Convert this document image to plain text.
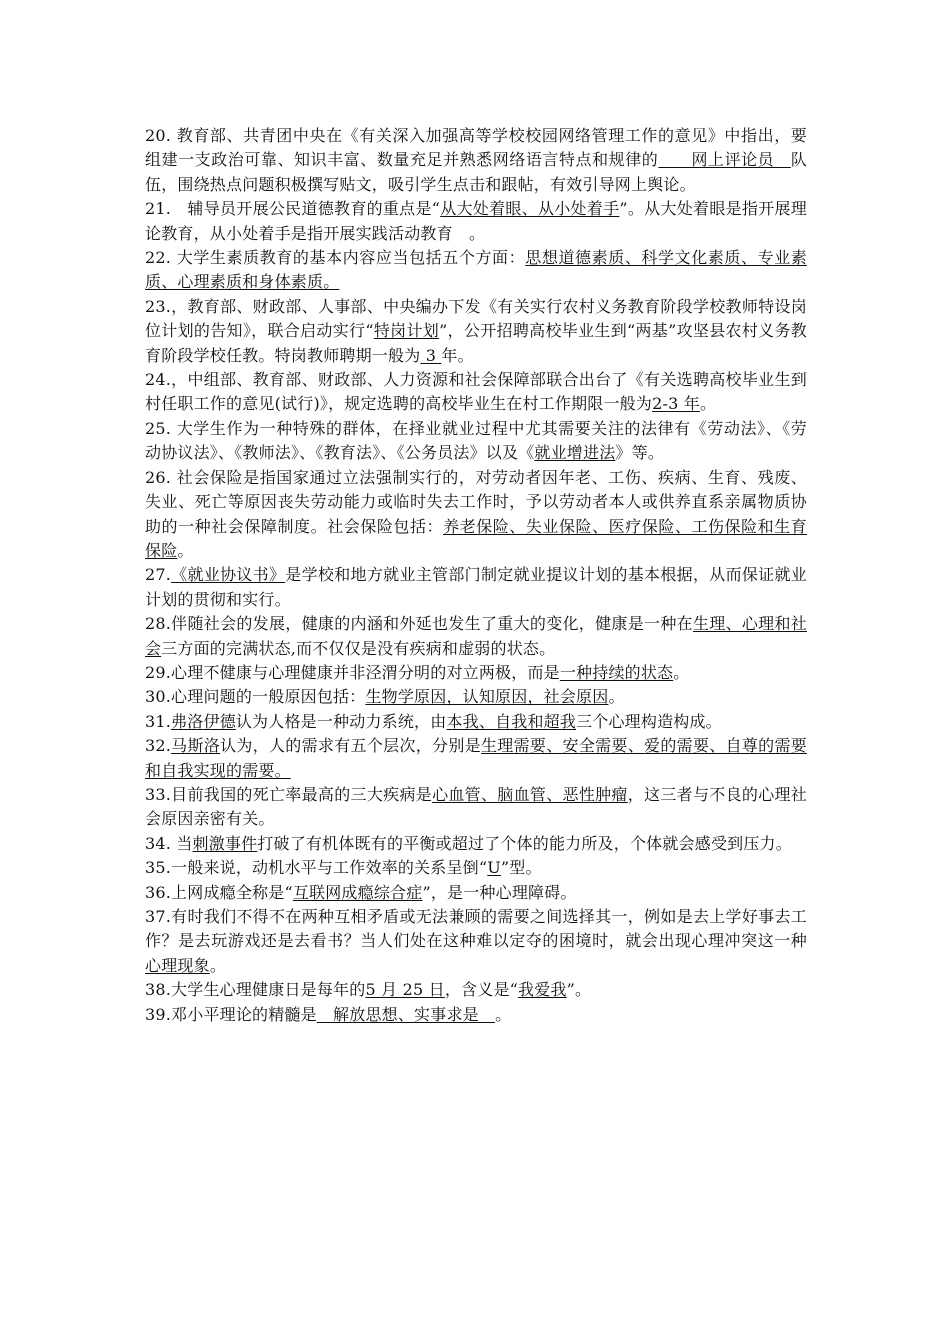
20. 教育部、共青团中央在《有关深入加强高等学校校园网络管理工作的意见》中指出，要组建一支政治可靠、知识丰富、数量充足并熟悉网络语言特点和规律的　　网上评论员　队伍，围绕热点问题积极撰写贴文，吸引学生点击和跟帖，有效引导网上舆论。

21.　辅导员开展公民道德教育的重点是“从大处着眼、从小处着手”。从大处着眼是指开展理论教育，从小处着手是指开展实践活动教育　。

22. 大学生素质教育的基本内容应当包括五个方面：思想道德素质、科学文化素质、专业素质、心理素质和身体素质。

23.，教育部、财政部、人事部、中央编办下发《有关实行农村义务教育阶段学校教师特设岗位计划的告知》，联合启动实行“特岗计划”，公开招聘高校毕业生到“两基”攻坚县农村义务教育阶段学校任教。特岗教师聘期一般为 3 年。

24.，中组部、教育部、财政部、人力资源和社会保障部联合出台了《有关选聘高校毕业生到村任职工作的意见(试行)》，规定选聘的高校毕业生在村工作期限一般为2-3 年。

25. 大学生作为一种特殊的群体，在择业就业过程中尤其需要关注的法律有《劳动法》、《劳动协议法》、《教师法》、《教育法》、《公务员法》以及《就业增进法》等。

26. 社会保险是指国家通过立法强制实行的，对劳动者因年老、工伤、疾病、生育、残废、失业、死亡等原因丧失劳动能力或临时失去工作时，予以劳动者本人或供养直系亲属物质协助的一种社会保障制度。社会保险包括：养老保险、失业保险、医疗保险、工伤保险和生育保险。

27.《就业协议书》是学校和地方就业主管部门制定就业提议计划的基本根据，从而保证就业计划的贯彻和实行。

28.伴随社会的发展，健康的内涵和外延也发生了重大的变化，健康是一种在生理、心理和社会三方面的完满状态,而不仅仅是没有疾病和虚弱的状态。

29.心理不健康与心理健康并非泾渭分明的对立两极，而是一种持续的状态。

30.心理问题的一般原因包括：生物学原因，认知原因，社会原因。

31.弗洛伊德认为人格是一种动力系统，由本我、自我和超我三个心理构造构成。

32.马斯洛认为，人的需求有五个层次，分别是生理需要、安全需要、爱的需要、自尊的需要和自我实现的需要。

33.目前我国的死亡率最高的三大疾病是心血管、脑血管、恶性肿瘤，这三者与不良的心理社会原因亲密有关。

34. 当刺激事件打破了有机体既有的平衡或超过了个体的能力所及，个体就会感受到压力。

35.一般来说，动机水平与工作效率的关系呈倒“U”型。

36.上网成瘾全称是“互联网成瘾综合症”，是一种心理障碍。

37.有时我们不得不在两种互相矛盾或无法兼顾的需要之间选择其一，例如是去上学好事去工作？是去玩游戏还是去看书？当人们处在这种难以定夺的困境时，就会出现心理冲突这一种心理现象。

38.大学生心理健康日是每年的5 月 25 日，含义是“我爱我”。

39.邓小平理论的精髓是　解放思想、实事求是　。
